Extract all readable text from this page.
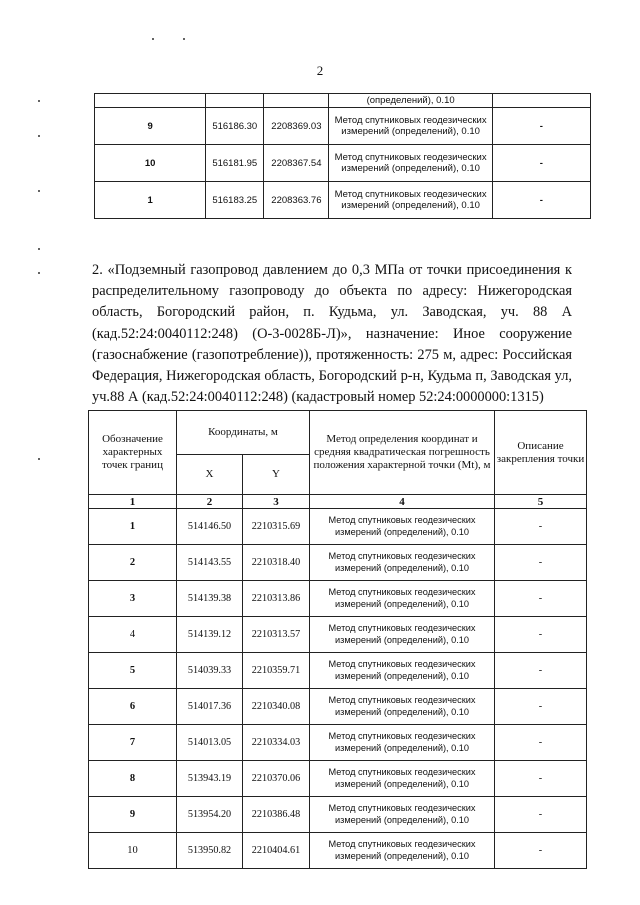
2
			(определений), 0.10	
9	516186.30	2208369.03	Метод спутниковых геодезических измерений (определений), 0.10	-
10	516181.95	2208367.54	Метод спутниковых геодезических измерений (определений), 0.10	-
1	516183.25	2208363.76	Метод спутниковых геодезических измерений (определений), 0.10	-
2. «Подземный газопровод давлением до 0,3 МПа от точки присоединения к распределительному газопроводу до объекта по адресу: Нижегородская область, Богородский район, п. Кудьма, ул. Заводская, уч. 88 А (кад.52:24:0040112:248) (О-3-0028Б-Л)», назначение: Иное сооружение (газоснабжение (газопотребление)), протяженность: 275 м, адрес: Российская Федерация, Нижегородская область, Богородский р-н, Кудьма п, Заводская ул, уч.88 А (кад.52:24:0040112:248) (кадастровый номер 52:24:0000000:1315)
Обозначение характерных точек границ	Координаты, м		Метод определения координат и средняя квадратическая погрешность положения характерной точки (Mt), м	Описание закрепления точки
	X	Y		
1	2	3	4	5
1	514146.50	2210315.69	Метод спутниковых геодезических измерений (определений), 0.10	-
2	514143.55	2210318.40	Метод спутниковых геодезических измерений (определений), 0.10	-
3	514139.38	2210313.86	Метод спутниковых геодезических измерений (определений), 0.10	-
4	514139.12	2210313.57	Метод спутниковых геодезических измерений (определений), 0.10	-
5	514039.33	2210359.71	Метод спутниковых геодезических измерений (определений), 0.10	-
6	514017.36	2210340.08	Метод спутниковых геодезических измерений (определений), 0.10	-
7	514013.05	2210334.03	Метод спутниковых геодезических измерений (определений), 0.10	-
8	513943.19	2210370.06	Метод спутниковых геодезических измерений (определений), 0.10	-
9	513954.20	2210386.48	Метод спутниковых геодезических измерений (определений), 0.10	-
10	513950.82	2210404.61	Метод спутниковых геодезических измерений (определений), 0.10	-
